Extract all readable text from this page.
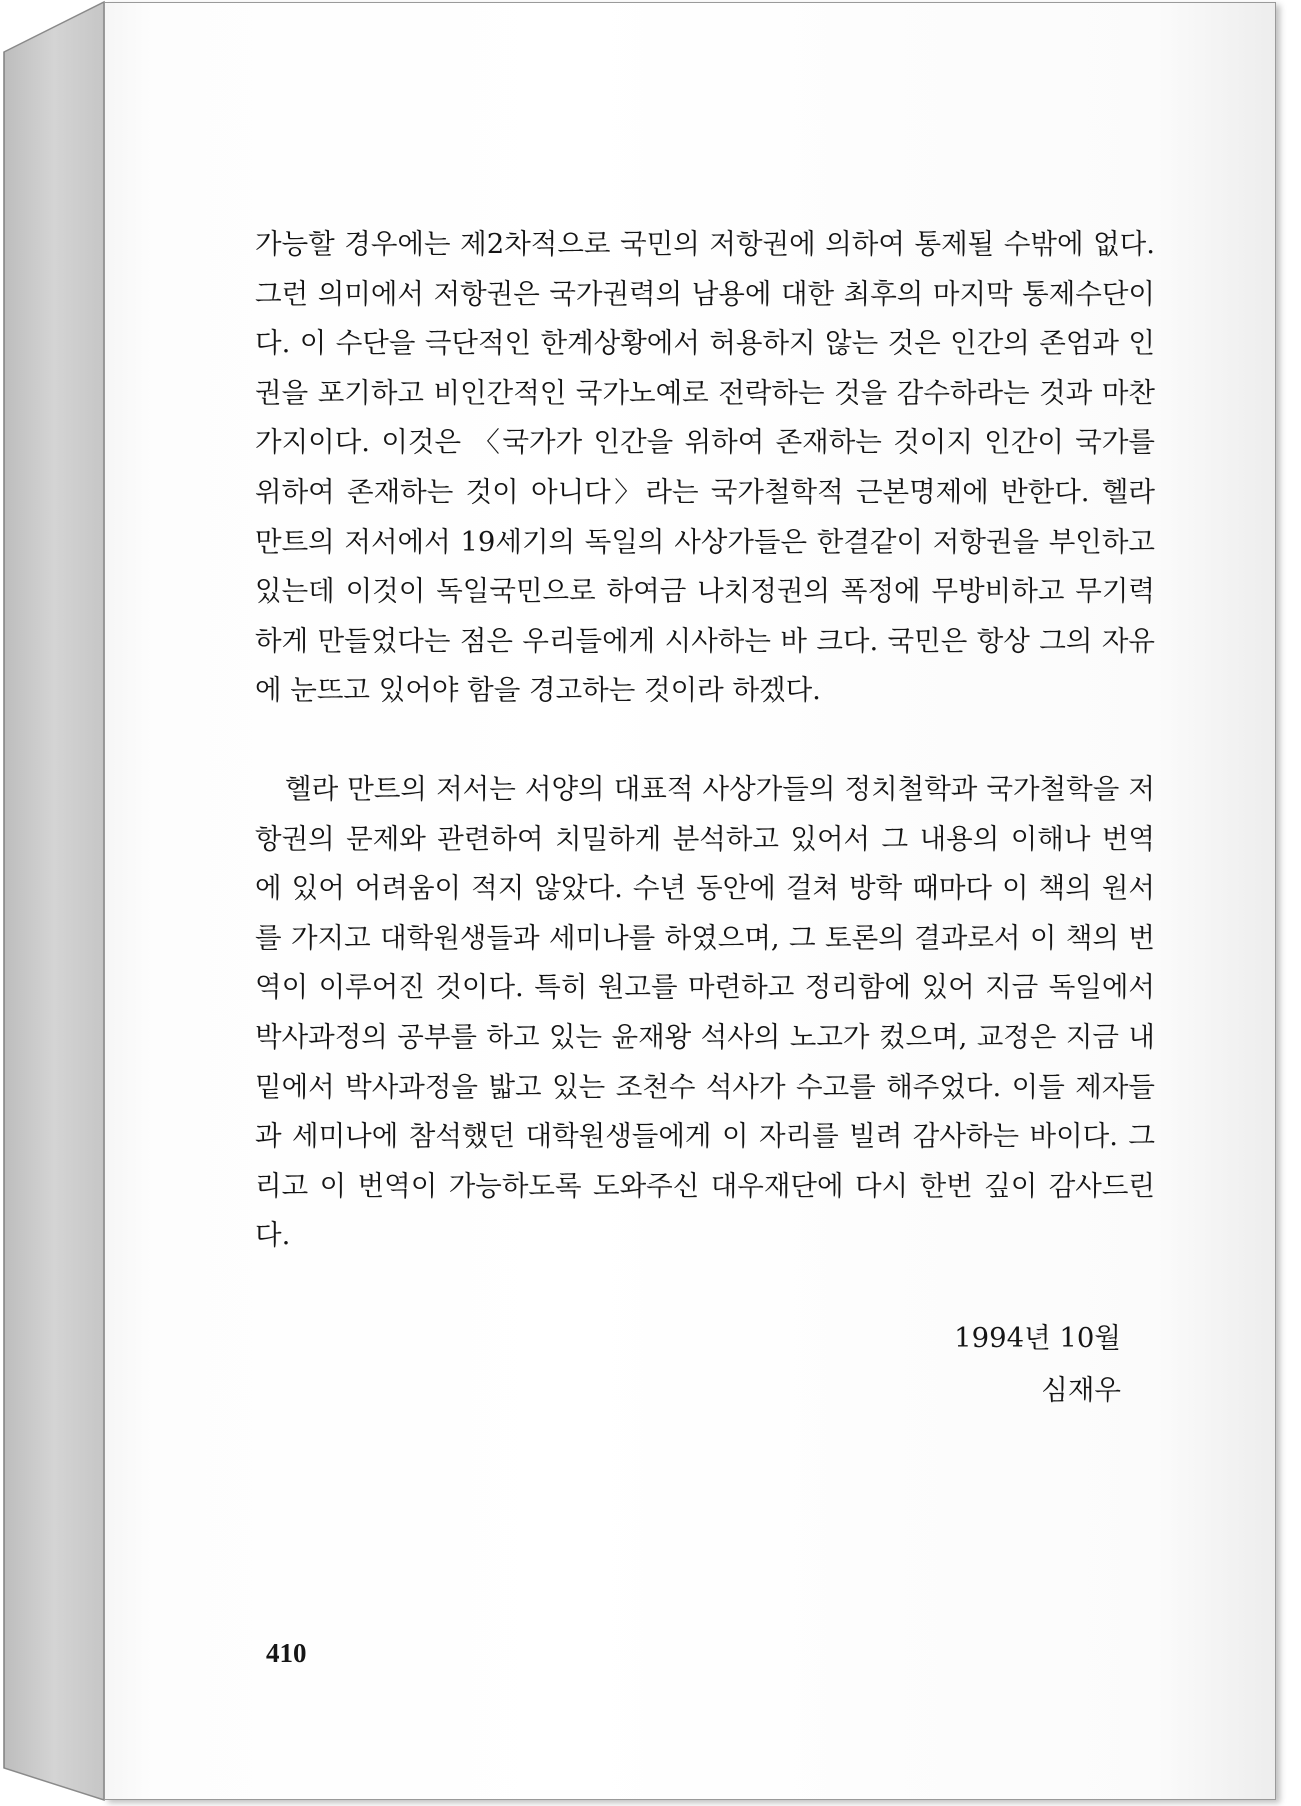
가능할 경우에는 제2차적으로 국민의 저항권에 의하여 통제될 수밖에 없다. 그런 의미에서 저항권은 국가권력의 남용에 대한 최후의 마지막 통제수단이다. 이 수단을 극단적인 한계상황에서 허용하지 않는 것은 인간의 존엄과 인권을 포기하고 비인간적인 국가노예로 전락하는 것을 감수하라는 것과 마찬가지이다. 이것은 〈국가가 인간을 위하여 존재하는 것이지 인간이 국가를 위하여 존재하는 것이 아니다〉라는 국가철학적 근본명제에 반한다. 헬라 만트의 저서에서 19세기의 독일의 사상가들은 한결같이 저항권을 부인하고 있는데 이것이 독일국민으로 하여금 나치정권의 폭정에 무방비하고 무기력하게 만들었다는 점은 우리들에게 시사하는 바 크다. 국민은 항상 그의 자유에 눈뜨고 있어야 함을 경고하는 것이라 하겠다.

헬라 만트의 저서는 서양의 대표적 사상가들의 정치철학과 국가철학을 저항권의 문제와 관련하여 치밀하게 분석하고 있어서 그 내용의 이해나 번역에 있어 어려움이 적지 않았다. 수년 동안에 걸쳐 방학 때마다 이 책의 원서를 가지고 대학원생들과 세미나를 하였으며, 그 토론의 결과로서 이 책의 번역이 이루어진 것이다. 특히 원고를 마련하고 정리함에 있어 지금 독일에서 박사과정의 공부를 하고 있는 윤재왕 석사의 노고가 컸으며, 교정은 지금 내 밑에서 박사과정을 밟고 있는 조천수 석사가 수고를 해주었다. 이들 제자들과 세미나에 참석했던 대학원생들에게 이 자리를 빌려 감사하는 바이다. 그리고 이 번역이 가능하도록 도와주신 대우재단에 다시 한번 깊이 감사드린다.

1994년 10월
심재우
410
